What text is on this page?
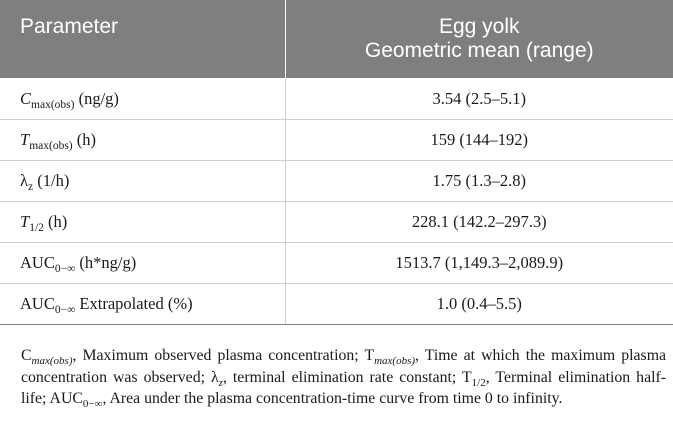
Parameter	Egg yolk
Geometric mean (range)

$C_{max(obs)}$ (ng/g)	3.54 (2.5–5.1)
$T_{max(obs)}$ (h)	159 (144–192)
$\lambda_z$ (1/h)	1.75 (1.3–2.8)
$T_{1/2}$ (h)	228.1 (142.2–297.3)
$AUC_{0-\infty}$ (h*ng/g)	1513.7 (1,149.3–2,089.9)
$AUC_{0-\infty}$ Extrapolated (%)	1.0 (0.4–5.5)
$C_{max(obs)}$, Maximum observed plasma concentration; $T_{max(obs)}$, Time at which the maximum plasma concentration was observed; $\lambda_z$, terminal elimination rate constant; $T_{1/2}$, Terminal elimination half-life; $AUC_{0-\infty}$, Area under the plasma concentration-time curve from time 0 to infinity.
